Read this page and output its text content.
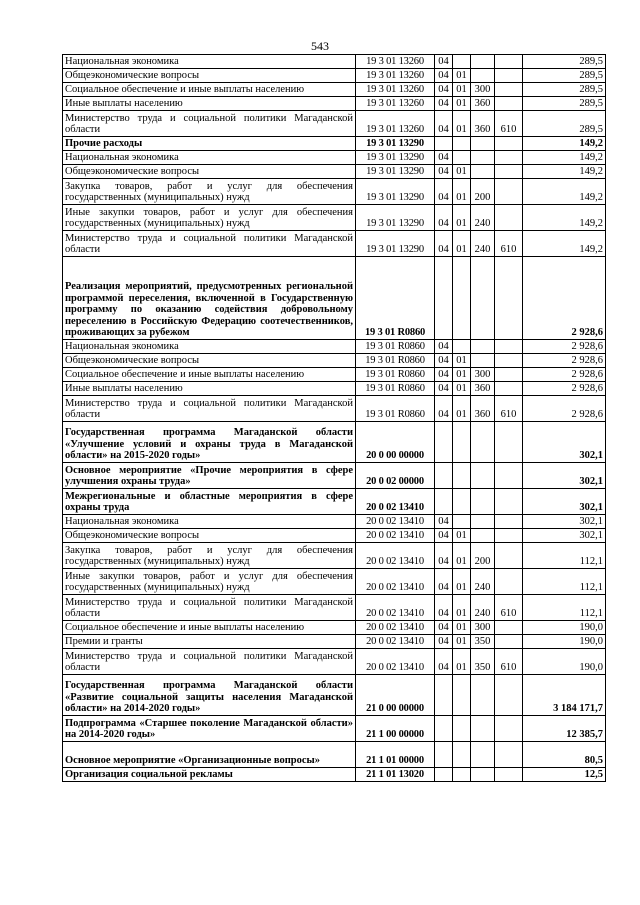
543
Национальная экономика	19 3 01 13260	04				289,5
Общеэкономические вопросы	19 3 01 13260	04	01			289,5
Социальное обеспечение и иные выплаты населению	19 3 01 13260	04	01	300		289,5
Иные выплаты населению	19 3 01 13260	04	01	360		289,5
Министерство труда и социальной политики Магаданской области	19 3 01 13260	04	01	360	610	289,5
Прочие расходы	19 3 01 13290					149,2
Национальная экономика	19 3 01 13290	04				149,2
Общеэкономические вопросы	19 3 01 13290	04	01			149,2
Закупка товаров, работ и услуг для обеспечения государственных (муниципальных) нужд	19 3 01 13290	04	01	200		149,2
Иные закупки товаров, работ и услуг для обеспечения государственных (муниципальных) нужд	19 3 01 13290	04	01	240		149,2
Министерство труда и социальной политики Магаданской области	19 3 01 13290	04	01	240	610	149,2
Реализация мероприятий, предусмотренных региональной программой переселения, включенной в Государственную программу по оказанию содействия добровольному переселению в Российскую Федерацию соотечественников, проживающих за рубежом	19 3 01 R0860					2 928,6
Национальная экономика	19 3 01 R0860	04				2 928,6
Общеэкономические вопросы	19 3 01 R0860	04	01			2 928,6
Социальное обеспечение и иные выплаты населению	19 3 01 R0860	04	01	300		2 928,6
Иные выплаты населению	19 3 01 R0860	04	01	360		2 928,6
Министерство труда и социальной политики Магаданской области	19 3 01 R0860	04	01	360	610	2 928,6
Государственная программа Магаданской области «Улучшение условий и охраны труда в Магаданской области» на 2015-2020 годы»	20 0 00 00000					302,1
Основное мероприятие «Прочие мероприятия в сфере улучшения охраны труда»	20 0 02 00000					302,1
Межрегиональные и областные мероприятия в сфере охраны труда	20 0 02 13410					302,1
Национальная экономика	20 0 02 13410	04				302,1
Общеэкономические вопросы	20 0 02 13410	04	01			302,1
Закупка товаров, работ и услуг для обеспечения государственных (муниципальных) нужд	20 0 02 13410	04	01	200		112,1
Иные закупки товаров, работ и услуг для обеспечения государственных (муниципальных) нужд	20 0 02 13410	04	01	240		112,1
Министерство труда и социальной политики Магаданской области	20 0 02 13410	04	01	240	610	112,1
Социальное обеспечение и иные выплаты населению	20 0 02 13410	04	01	300		190,0
Премии и гранты	20 0 02 13410	04	01	350		190,0
Министерство труда и социальной политики Магаданской области	20 0 02 13410	04	01	350	610	190,0
Государственная программа Магаданской области «Развитие социальной защиты населения Магаданской области» на 2014-2020 годы»	21 0 00 00000					3 184 171,7
Подпрограмма «Старшее поколение Магаданской области» на 2014-2020 годы»	21 1 00 00000					12 385,7
Основное мероприятие «Организационные вопросы»	21 1 01 00000					80,5
Организация социальной рекламы	21 1 01 13020					12,5
